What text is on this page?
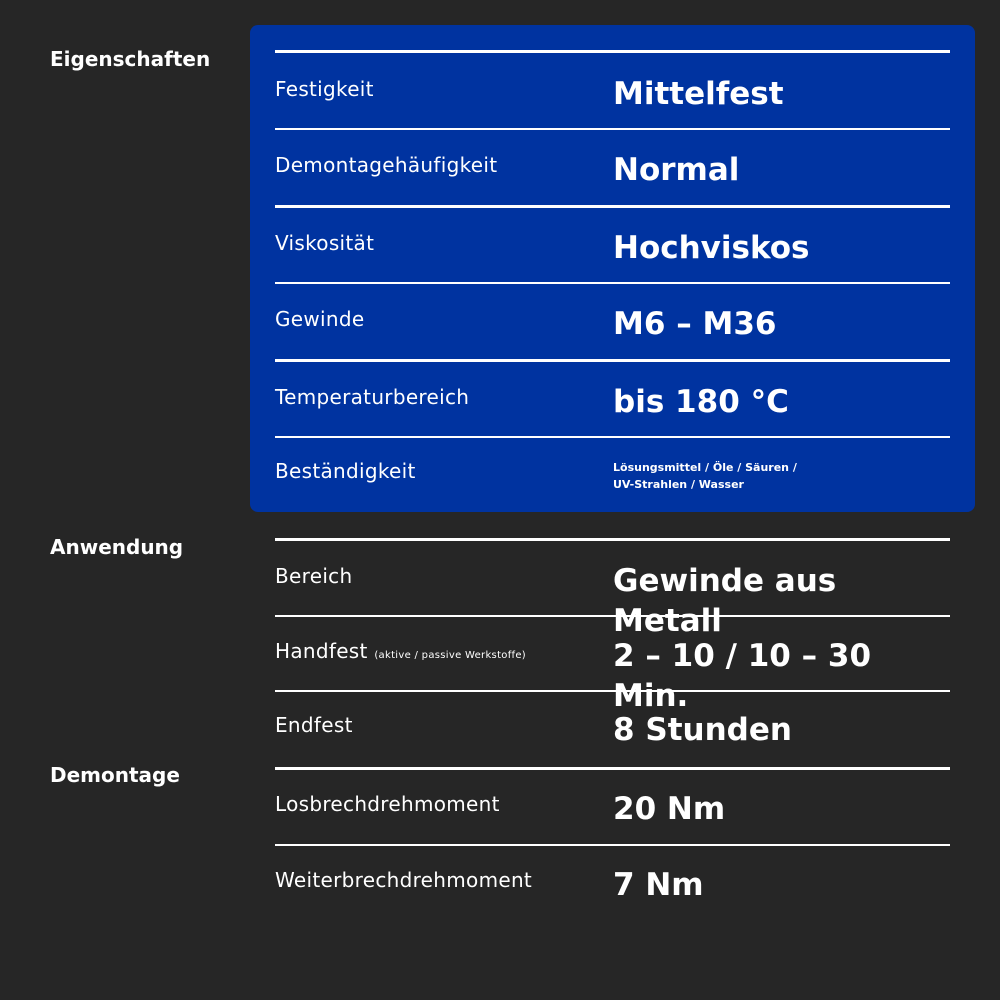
Eigenschaften
Anwendung
Demontage
Festigkeit	Mittelfest
Demontagehäufigkeit	Normal
Viskosität	Hochviskos
Gewinde	M6 – M36
Temperaturbereich	bis 180 °C
Beständigkeit	Lösungsmittel / Öle / Säuren /
UV-Strahlen / Wasser
Bereich	Gewinde aus Metall
Handfest (aktive / passive Werkstoffe)	2 – 10 / 10 – 30 Min.
Endfest	8 Stunden
Losbrechdrehmoment	20 Nm
Weiterbrechdrehmoment	7 Nm
